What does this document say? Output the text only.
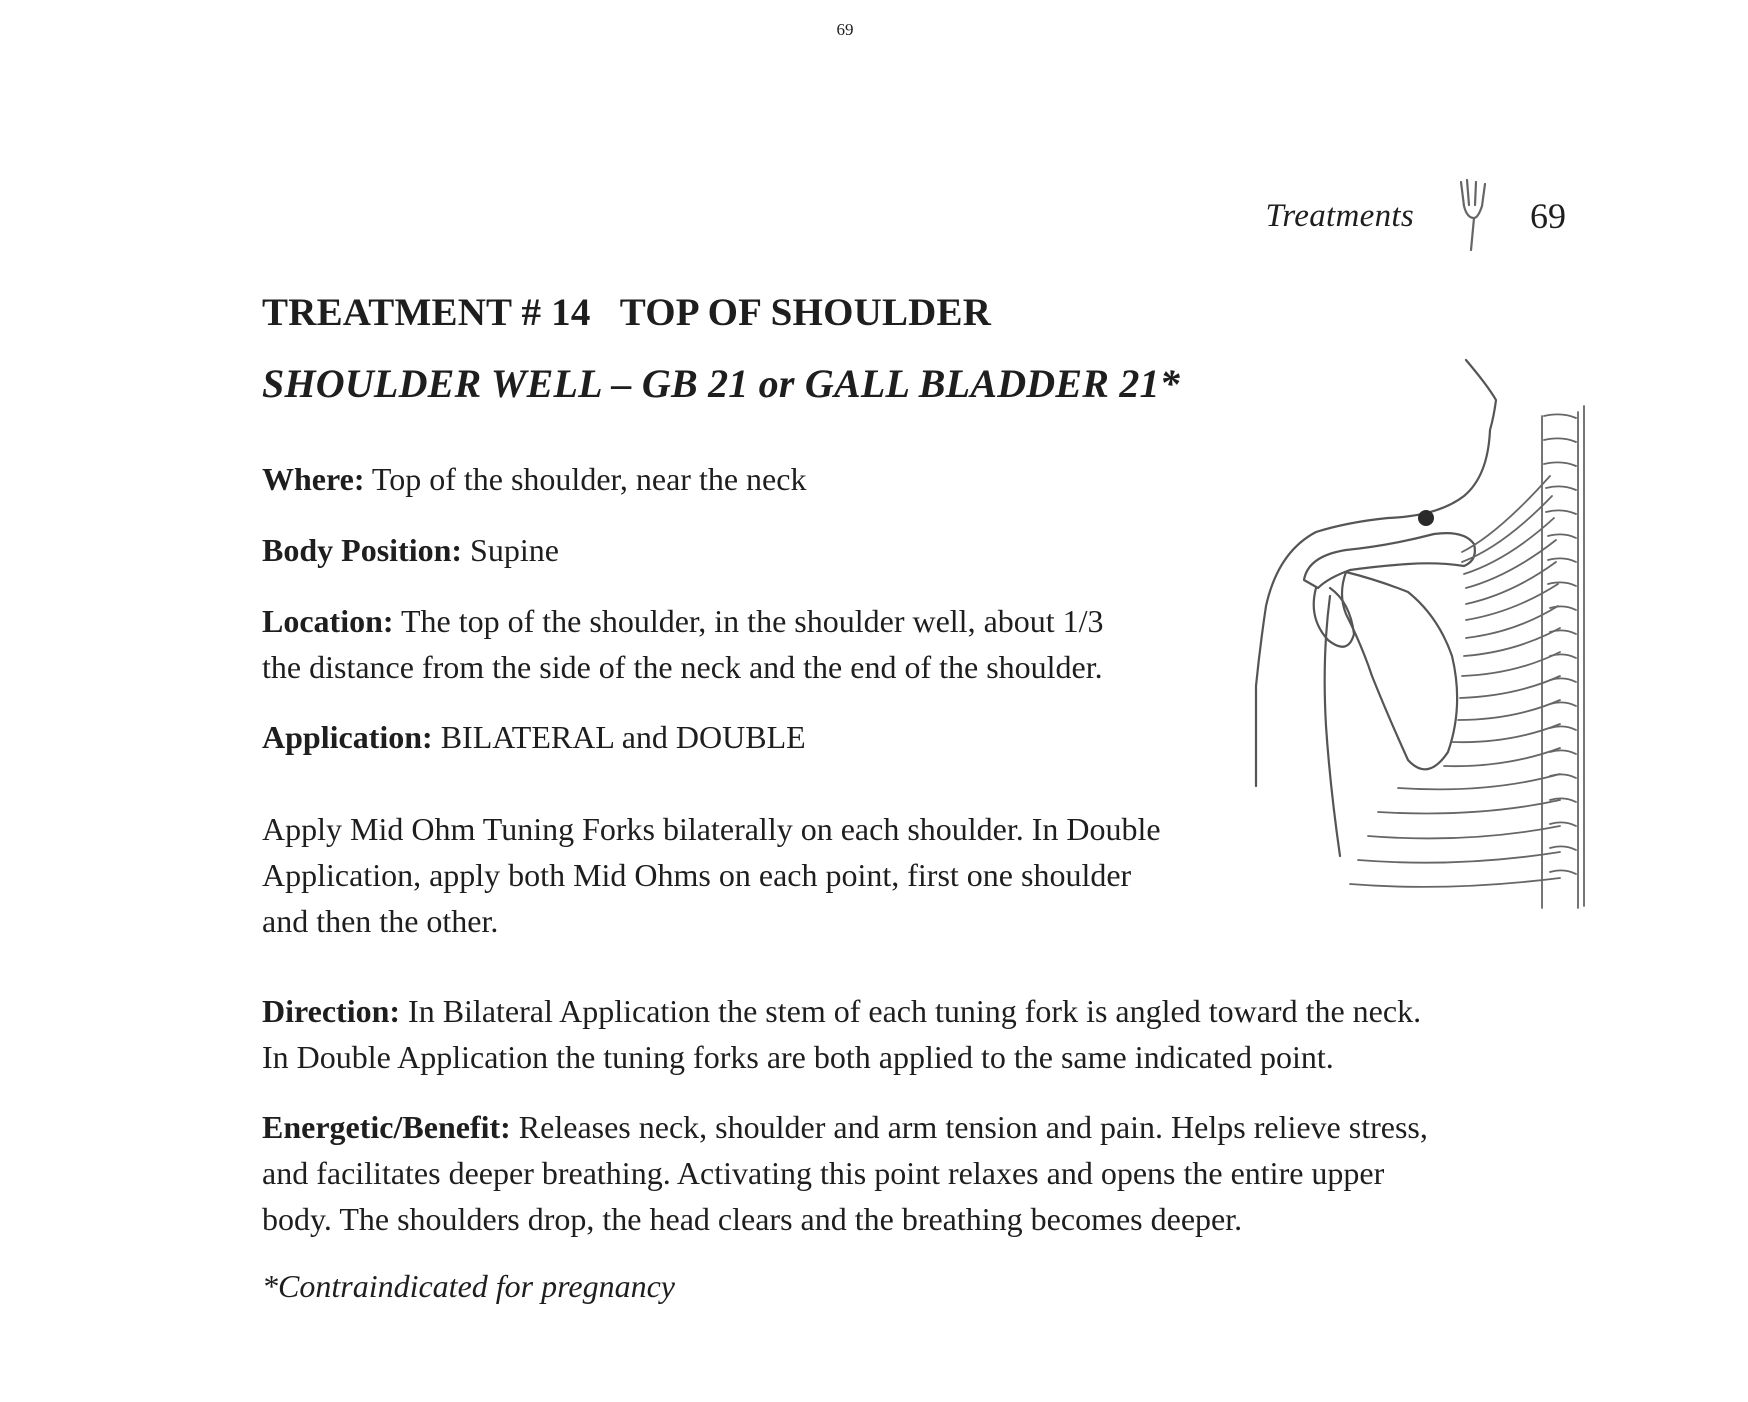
69
Treatments	69
TREATMENT # 14   TOP OF SHOULDER
SHOULDER WELL – GB 21 or GALL BLADDER 21*

Where: Top of the shoulder, near the neck

Body Position: Supine

Location: The top of the shoulder, in the shoulder well, about 1/3 the distance from the side of the neck and the end of the shoulder.

Application: BILATERAL and DOUBLE

Apply Mid Ohm Tuning Forks bilaterally on each shoulder. In Double Application, apply both Mid Ohms on each point, first one shoulder and then the other.

Direction: In Bilateral Application the stem of each tuning fork is angled toward the neck. In Double Application the tuning forks are both applied to the same indicated point.

Energetic/Benefit: Releases neck, shoulder and arm tension and pain. Helps relieve stress, and facilitates deeper breathing. Activating this point relaxes and opens the entire upper body. The shoulders drop, the head clears and the breathing becomes deeper.

*Contraindicated for pregnancy
